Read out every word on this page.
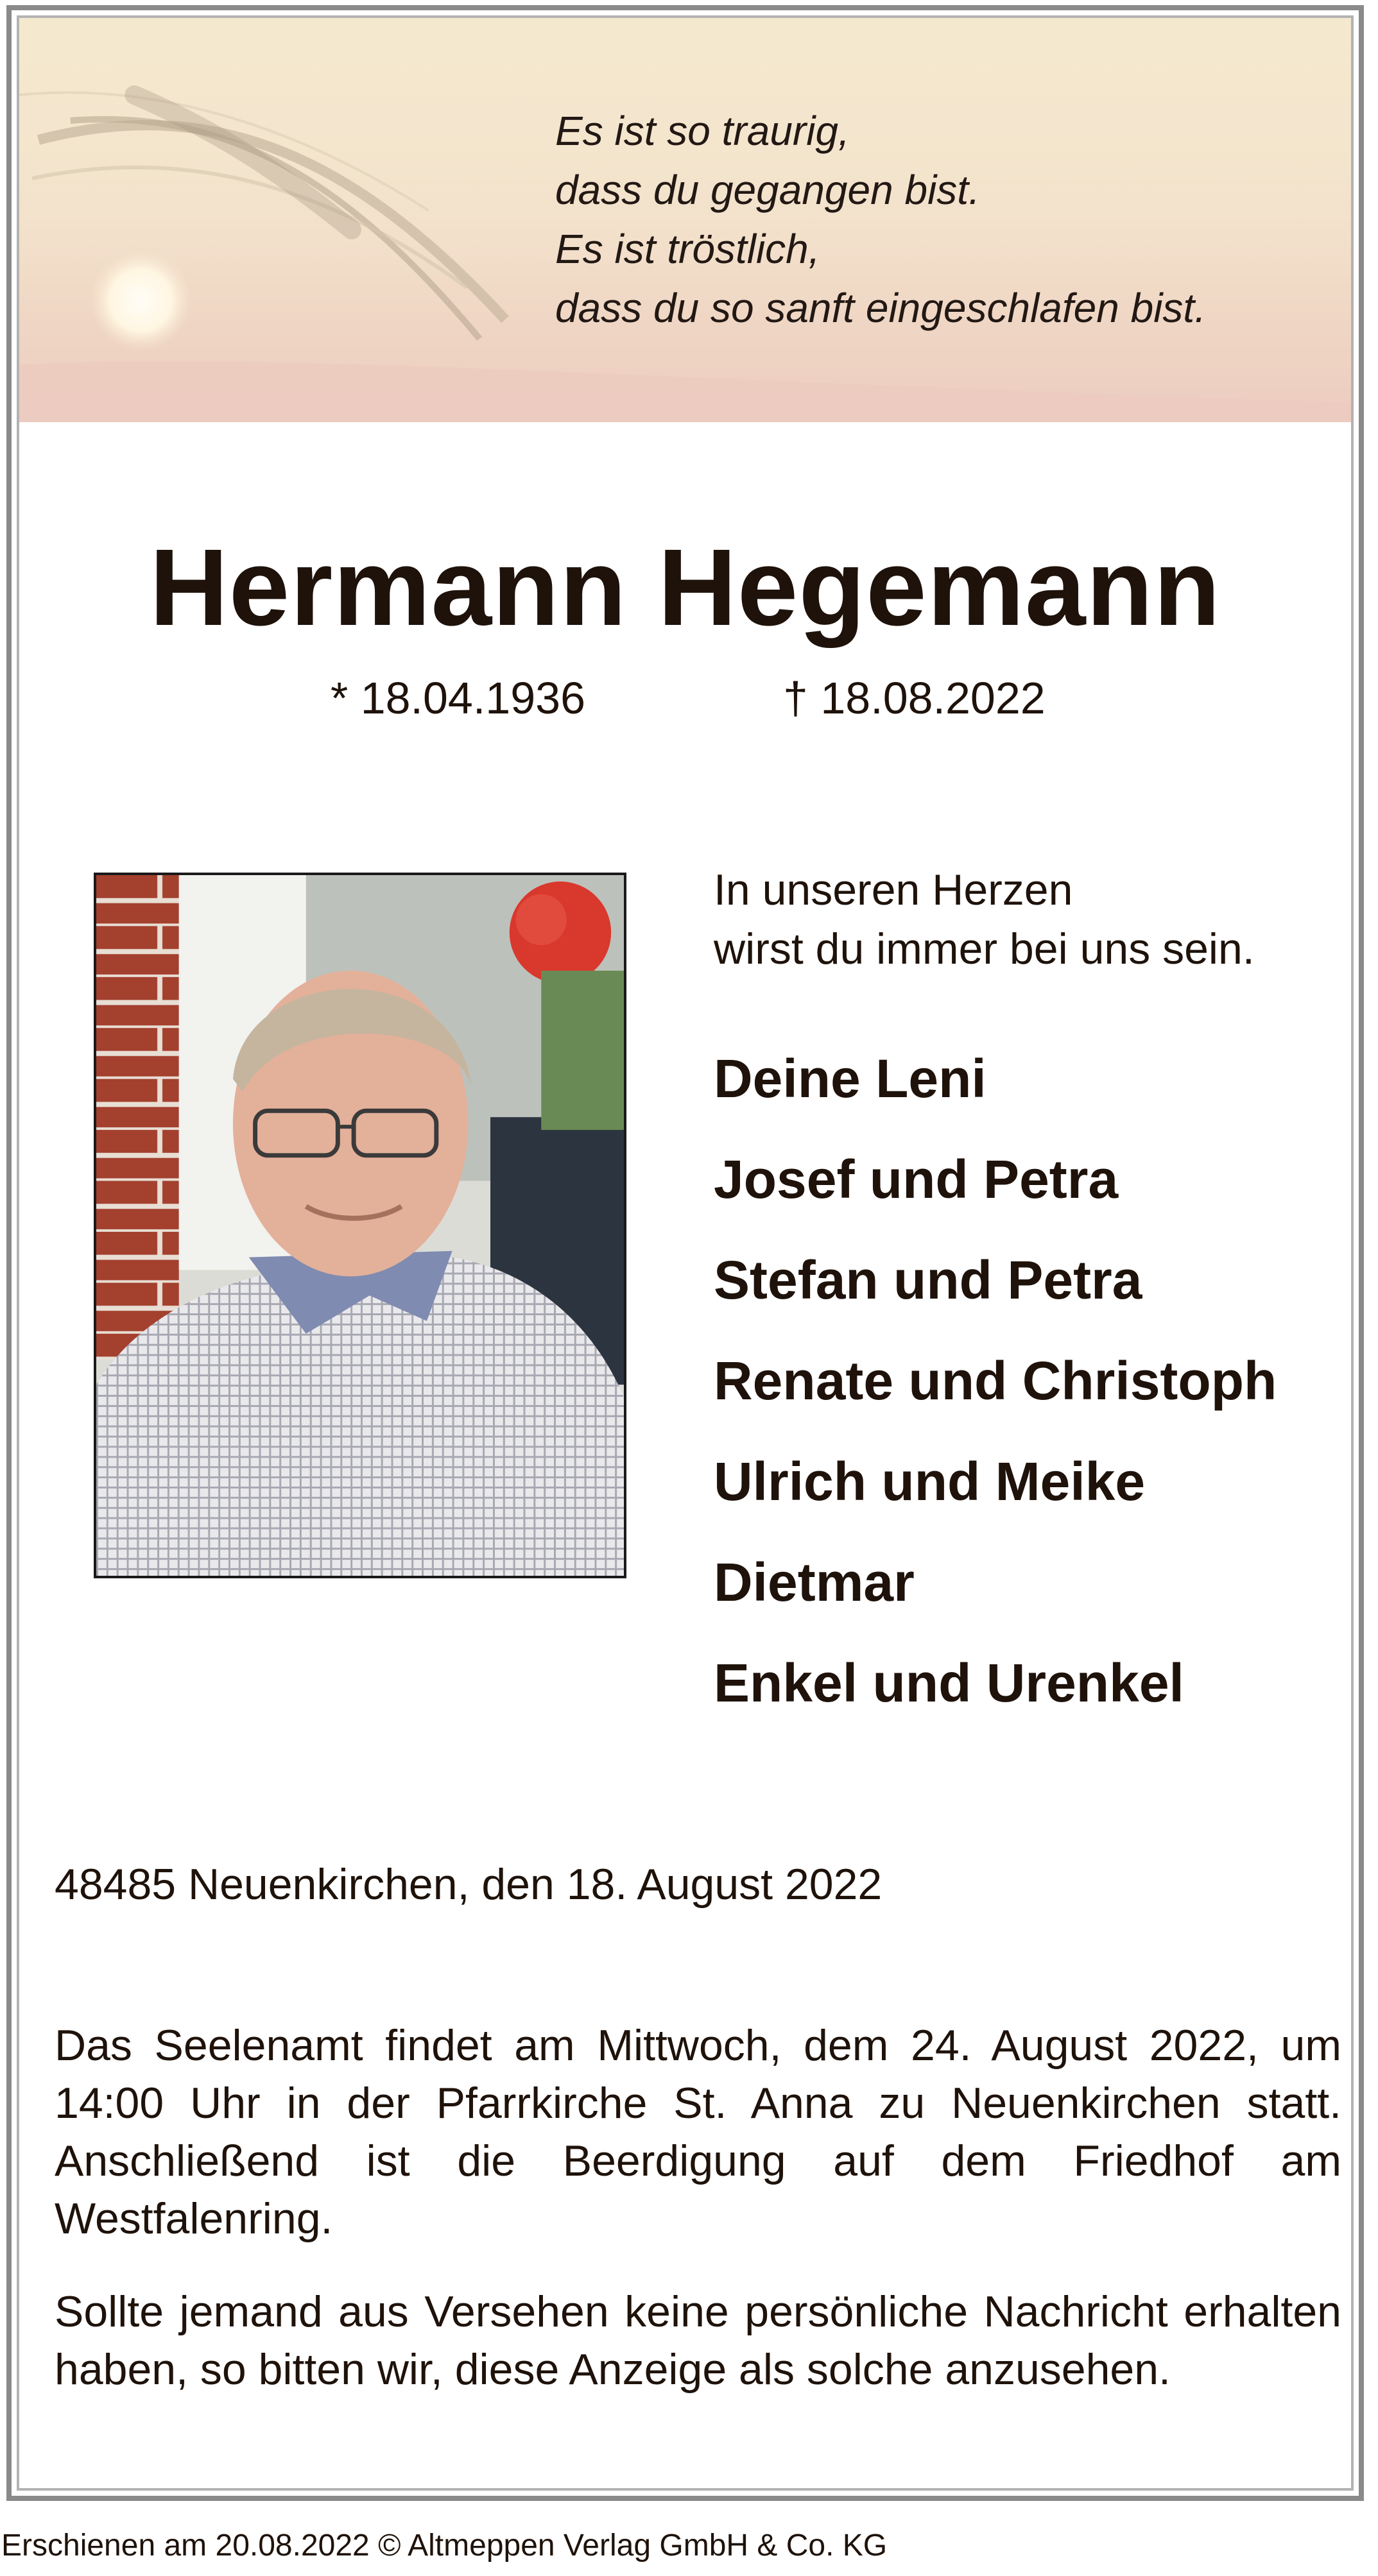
Es ist so traurig,
dass du gegangen bist.
Es ist tröstlich,
dass du so sanft eingeschlafen bist.
Hermann Hegemann
* 18.04.1936	† 18.08.2022
In unseren Herzen
wirst du immer bei uns sein.
Deine Leni
Josef und Petra
Stefan und Petra
Renate und Christoph
Ulrich und Meike
Dietmar
Enkel und Urenkel
48485 Neuenkirchen, den 18. August 2022
Das Seelenamt findet am Mittwoch, dem 24. August 2022, um 14:00 Uhr in der Pfarrkirche St. Anna zu Neuenkirchen statt. Anschließend ist die Beerdigung auf dem Friedhof am Westfalenring.
Sollte jemand aus Versehen keine persönliche Nachricht erhalten haben, so bitten wir, diese Anzeige als solche anzusehen.
Erschienen am 20.08.2022 © Altmeppen Verlag GmbH & Co. KG
